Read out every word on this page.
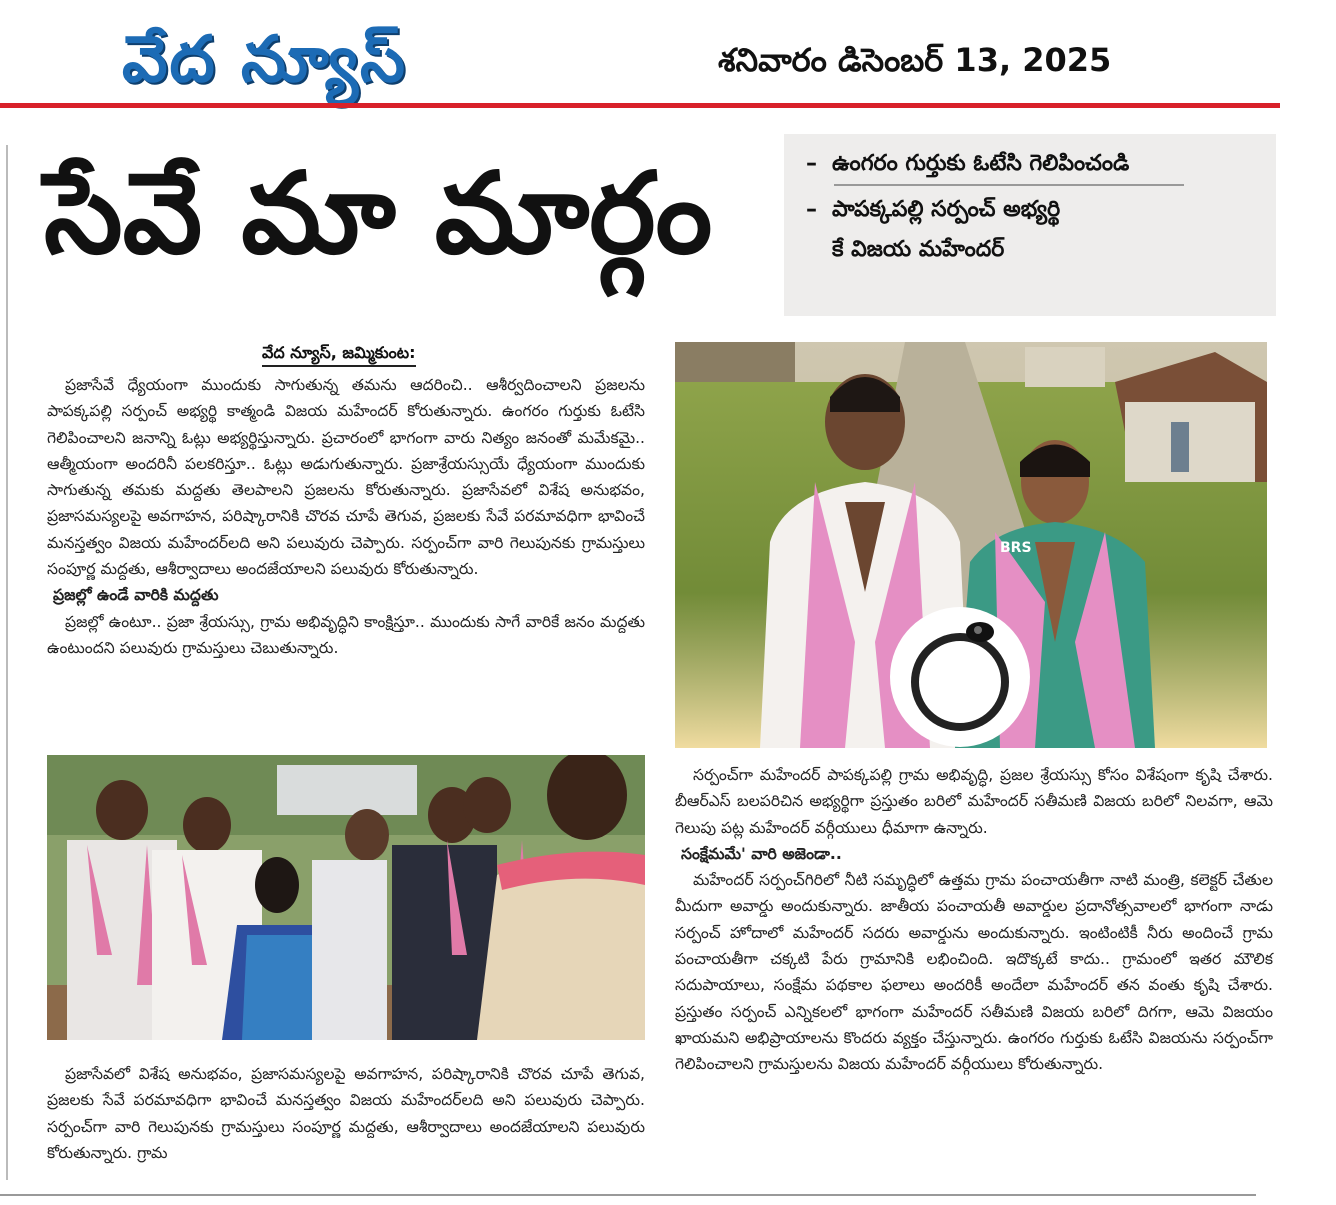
వేద న్యూస్	శనివారం డిసెంబర్ 13, 2025
సేవే మా మార్గం	– ఉంగరం గుర్తుకు ఓటేసి గెలిపించండి
– పాపక్కపల్లి సర్పంచ్ అభ్యర్థి
కే విజయ మహేందర్
వేద న్యూస్, జమ్మికుంట:

ప్రజాసేవే ధ్యేయంగా ముందుకు సాగుతున్న తమను ఆదరించి.. ఆశీర్వదించాలని ప్రజలను పాపక్కపల్లి సర్పంచ్ అభ్యర్థి కాత్మండి విజయ మహేందర్ కోరుతున్నారు. ఉంగరం గుర్తుకు ఓటేసి గెలిపించాలని జనాన్ని ఓట్లు అభ్యర్థిస్తున్నారు. ప్రచారంలో భాగంగా వారు నిత్యం జనంతో మమేకమై.. ఆత్మీయంగా అందరినీ పలకరిస్తూ.. ఓట్లు అడుగుతున్నారు. ప్రజాశ్రేయస్సుయే ధ్యేయంగా ముందుకు సాగుతున్న తమకు మద్దతు తెలపాలని ప్రజలను కోరుతున్నారు. ప్రజాసేవలో విశేష అనుభవం, ప్రజాసమస్యలపై అవగాహన, పరిష్కారానికి చొరవ చూపే తెగువ, ప్రజలకు సేవే పరమావధిగా భావించే మనస్తత్వం విజయ మహేందర్‌లది అని పలువురు చెప్పారు. సర్పంచ్‌గా వారి గెలుపునకు గ్రామస్తులు సంపూర్ణ మద్దతు, ఆశీర్వాదాలు అందజేయాలని పలువురు కోరుతున్నారు.

ప్రజల్లో ఉండే వారికి మద్దతు

ప్రజల్లో ఉంటూ.. ప్రజా శ్రేయస్సు, గ్రామ అభివృద్ధిని కాంక్షిస్తూ.. ముందుకు సాగే వారికే జనం మద్దతు ఉంటుందని పలువురు గ్రామస్తులు చెబుతున్నారు.

BRS

ప్రజాసేవలో విశేష అనుభవం, ప్రజాసమస్యలపై అవగాహన, పరిష్కారానికి చొరవ చూపే తెగువ, ప్రజలకు సేవే పరమావధిగా భావించే మనస్తత్వం విజయ మహేందర్‌లది అని పలువురు చెప్పారు. సర్పంచ్‌గా వారి గెలుపునకు గ్రామస్తులు సంపూర్ణ మద్దతు, ఆశీర్వాదాలు అందజేయాలని పలువురు కోరుతున్నారు. గ్రామ

సర్పంచ్‌గా మహేందర్ పాపక్కపల్లి గ్రామ అభివృద్ధి, ప్రజల శ్రేయస్సు కోసం విశేషంగా కృషి చేశారు. బీఆర్ఎస్ బలపరిచిన అభ్యర్థిగా ప్రస్తుతం బరిలో మహేందర్ సతీమణి విజయ బరిలో నిలవగా, ఆమె గెలుపు పట్ల మహేందర్ వర్గీయులు ధీమాగా ఉన్నారు.

సంక్షేమమే' వారి అజెండా..

మహేందర్ సర్పంచ్‌గిరిలో నీటి సమృద్ధిలో ఉత్తమ గ్రామ పంచాయతీగా నాటి మంత్రి, కలెక్టర్ చేతుల మీదుగా అవార్డు అందుకున్నారు. జాతీయ పంచాయతీ అవార్డుల ప్రదానోత్సవాలలో భాగంగా నాడు సర్పంచ్ హోదాలో మహేందర్ సదరు అవార్డును అందుకున్నారు. ఇంటింటికీ నీరు అందించే గ్రామ పంచాయతీగా చక్కటి పేరు గ్రామానికి లభించింది. ఇదొక్కటే కాదు.. గ్రామంలో ఇతర మౌలిక సదుపాయాలు, సంక్షేమ పథకాల ఫలాలు అందరికీ అందేలా మహేందర్ తన వంతు కృషి చేశారు. ప్రస్తుతం సర్పంచ్ ఎన్నికలలో భాగంగా మహేందర్ సతీమణి విజయ బరిలో దిగగా, ఆమె విజయం ఖాయమని అభిప్రాయాలను కొందరు వ్యక్తం చేస్తున్నారు. ఉంగరం గుర్తుకు ఓటేసి విజయను సర్పంచ్‌గా గెలిపించాలని గ్రామస్తులను విజయ మహేందర్ వర్గీయులు కోరుతున్నారు.
